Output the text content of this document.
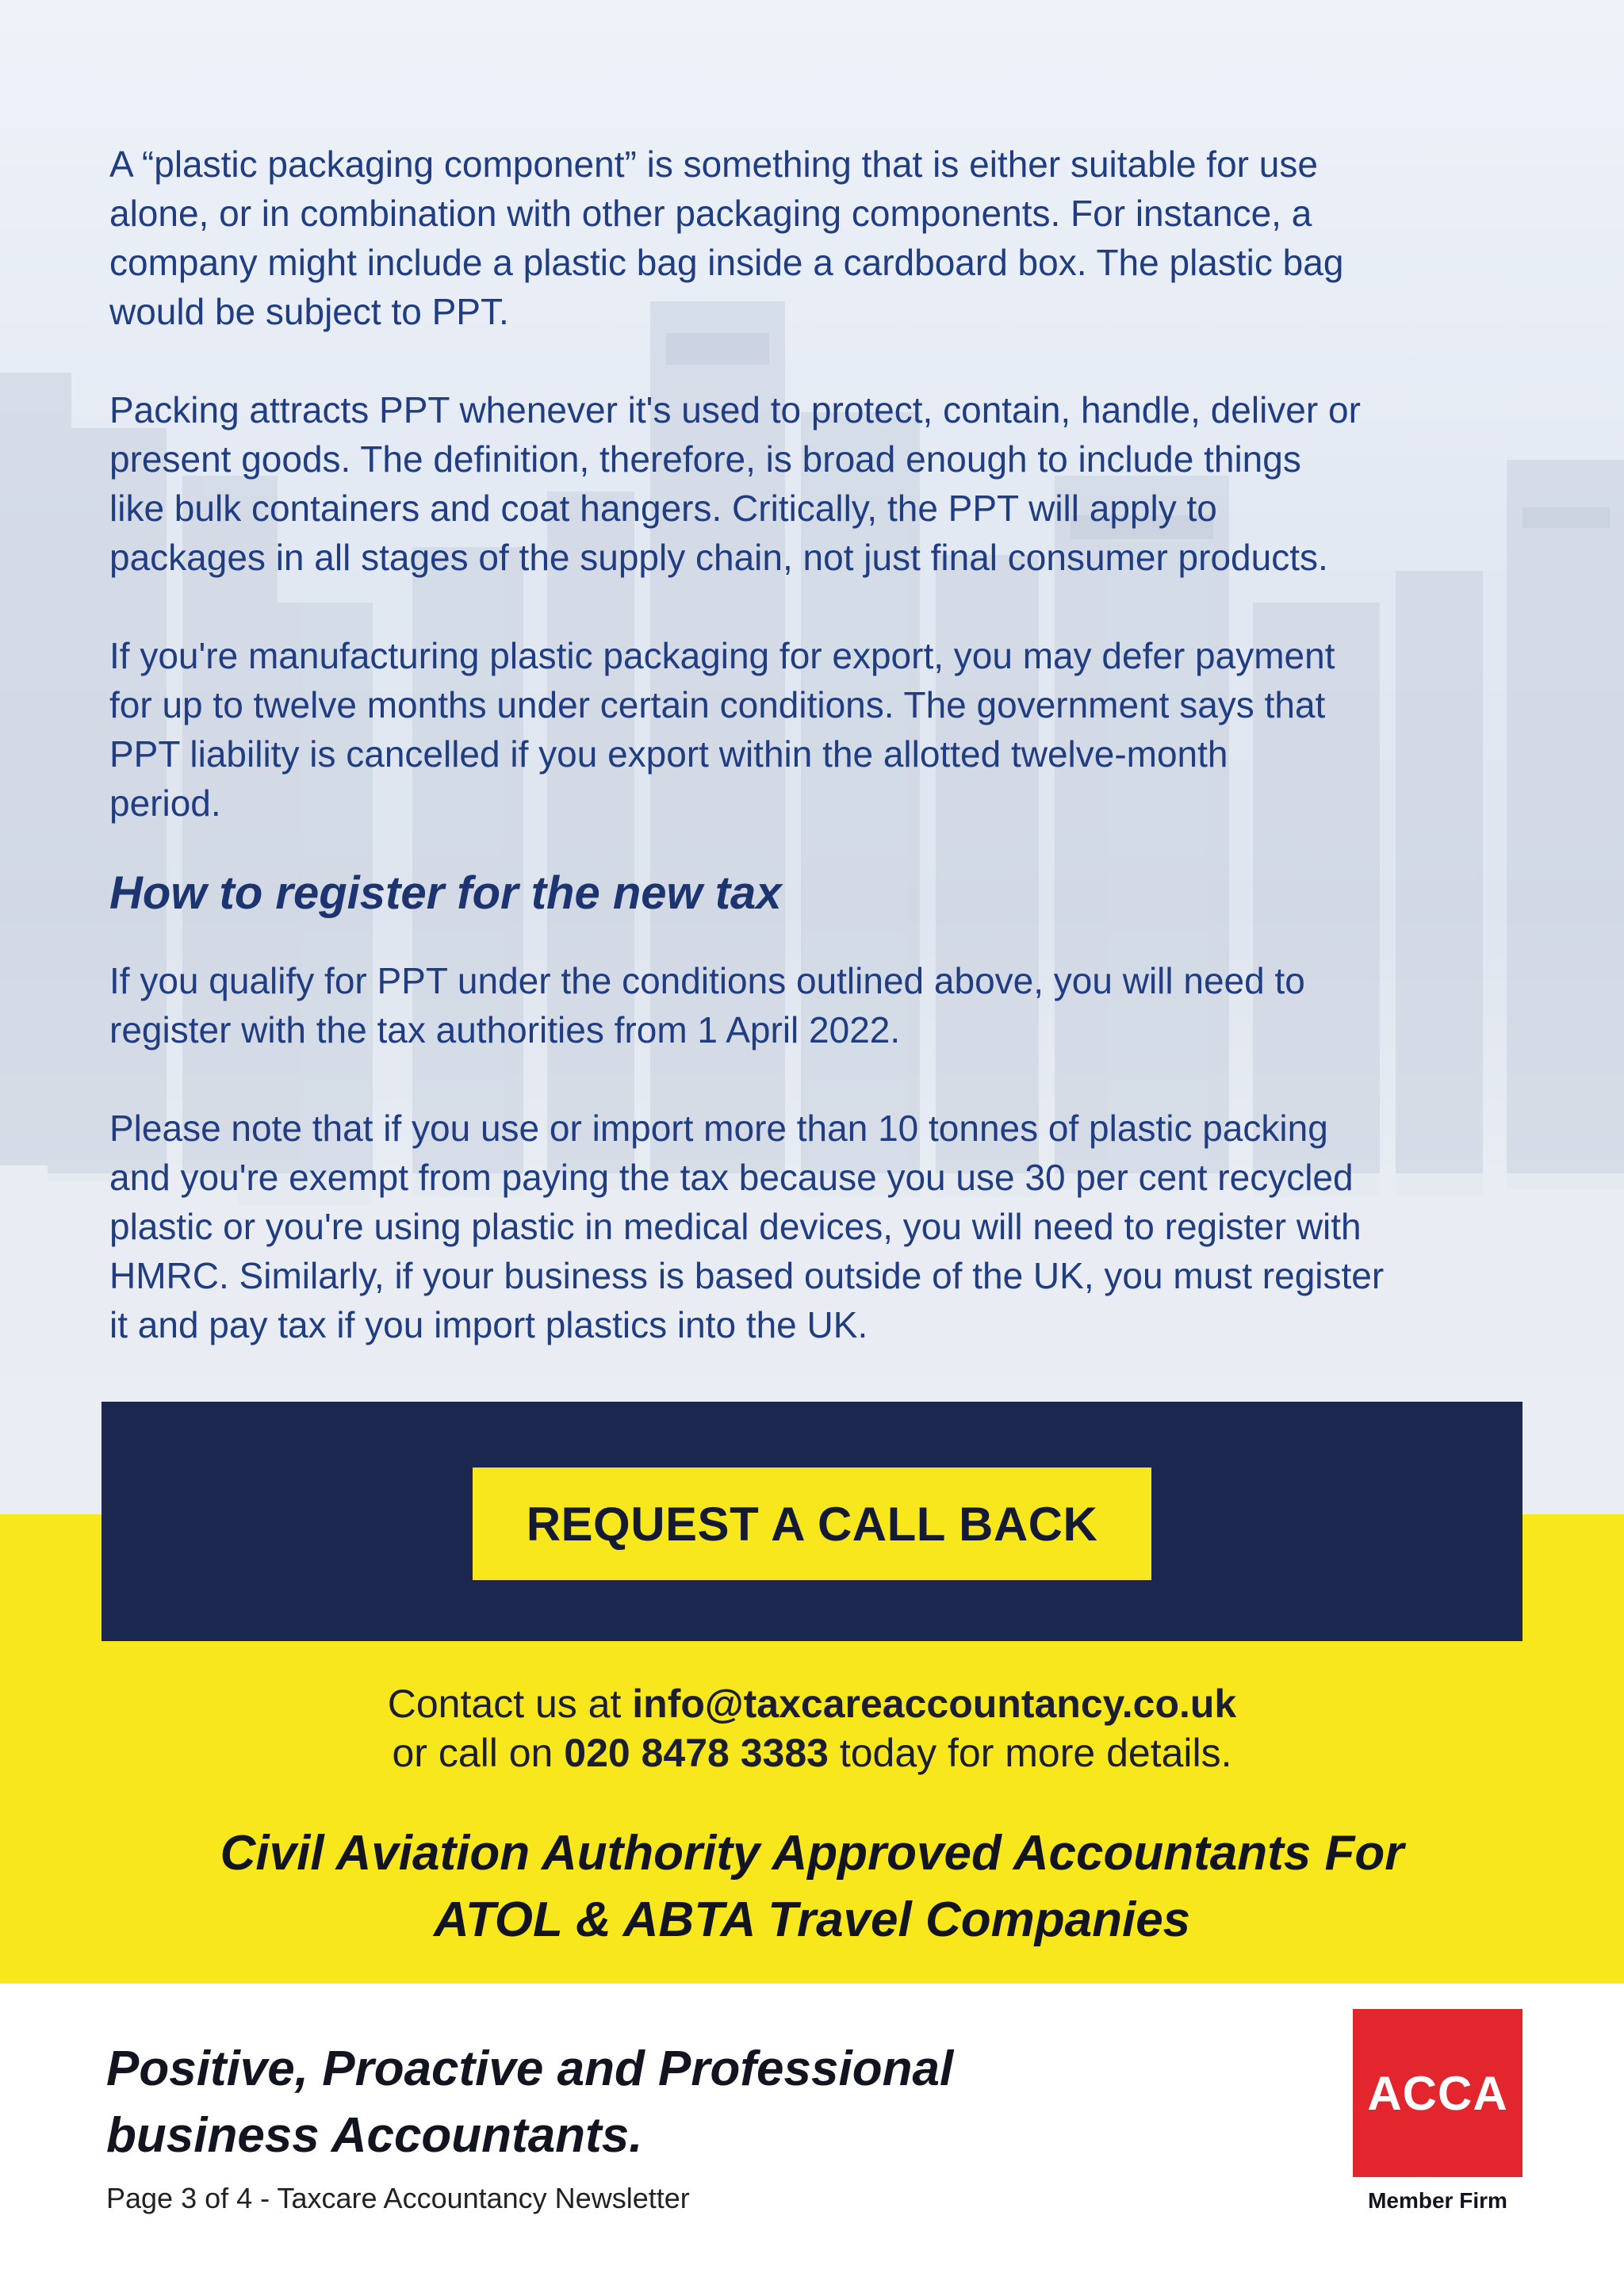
A “plastic packaging component” is something that is either suitable for use
alone, or in combination with other packaging components. For instance, a
company might include a plastic bag inside a cardboard box. The plastic bag
would be subject to PPT.

Packing attracts PPT whenever it's used to protect, contain, handle, deliver or
present goods. The definition, therefore, is broad enough to include things
like bulk containers and coat hangers. Critically, the PPT will apply to
packages in all stages of the supply chain, not just final consumer products.

If you're manufacturing plastic packaging for export, you may defer payment
for up to twelve months under certain conditions. The government says that
PPT liability is cancelled if you export within the allotted twelve-month
period.

How to register for the new tax

If you qualify for PPT under the conditions outlined above, you will need to
register with the tax authorities from 1 April 2022.

Please note that if you use or import more than 10 tonnes of plastic packing
and you're exempt from paying the tax because you use 30 per cent recycled
plastic or you're using plastic in medical devices, you will need to register with
HMRC. Similarly, if your business is based outside of the UK, you must register
it and pay tax if you import plastics into the UK.

REQUEST A CALL BACK
Contact us at info@taxcareaccountancy.co.uk
or call on 020 8478 3383 today for more details.
Civil Aviation Authority Approved Accountants For
ATOL & ABTA Travel Companies
Positive, Proactive and Professional
business Accountants.
Page 3 of 4 - Taxcare Accountancy Newsletter
ACCA
Member Firm
